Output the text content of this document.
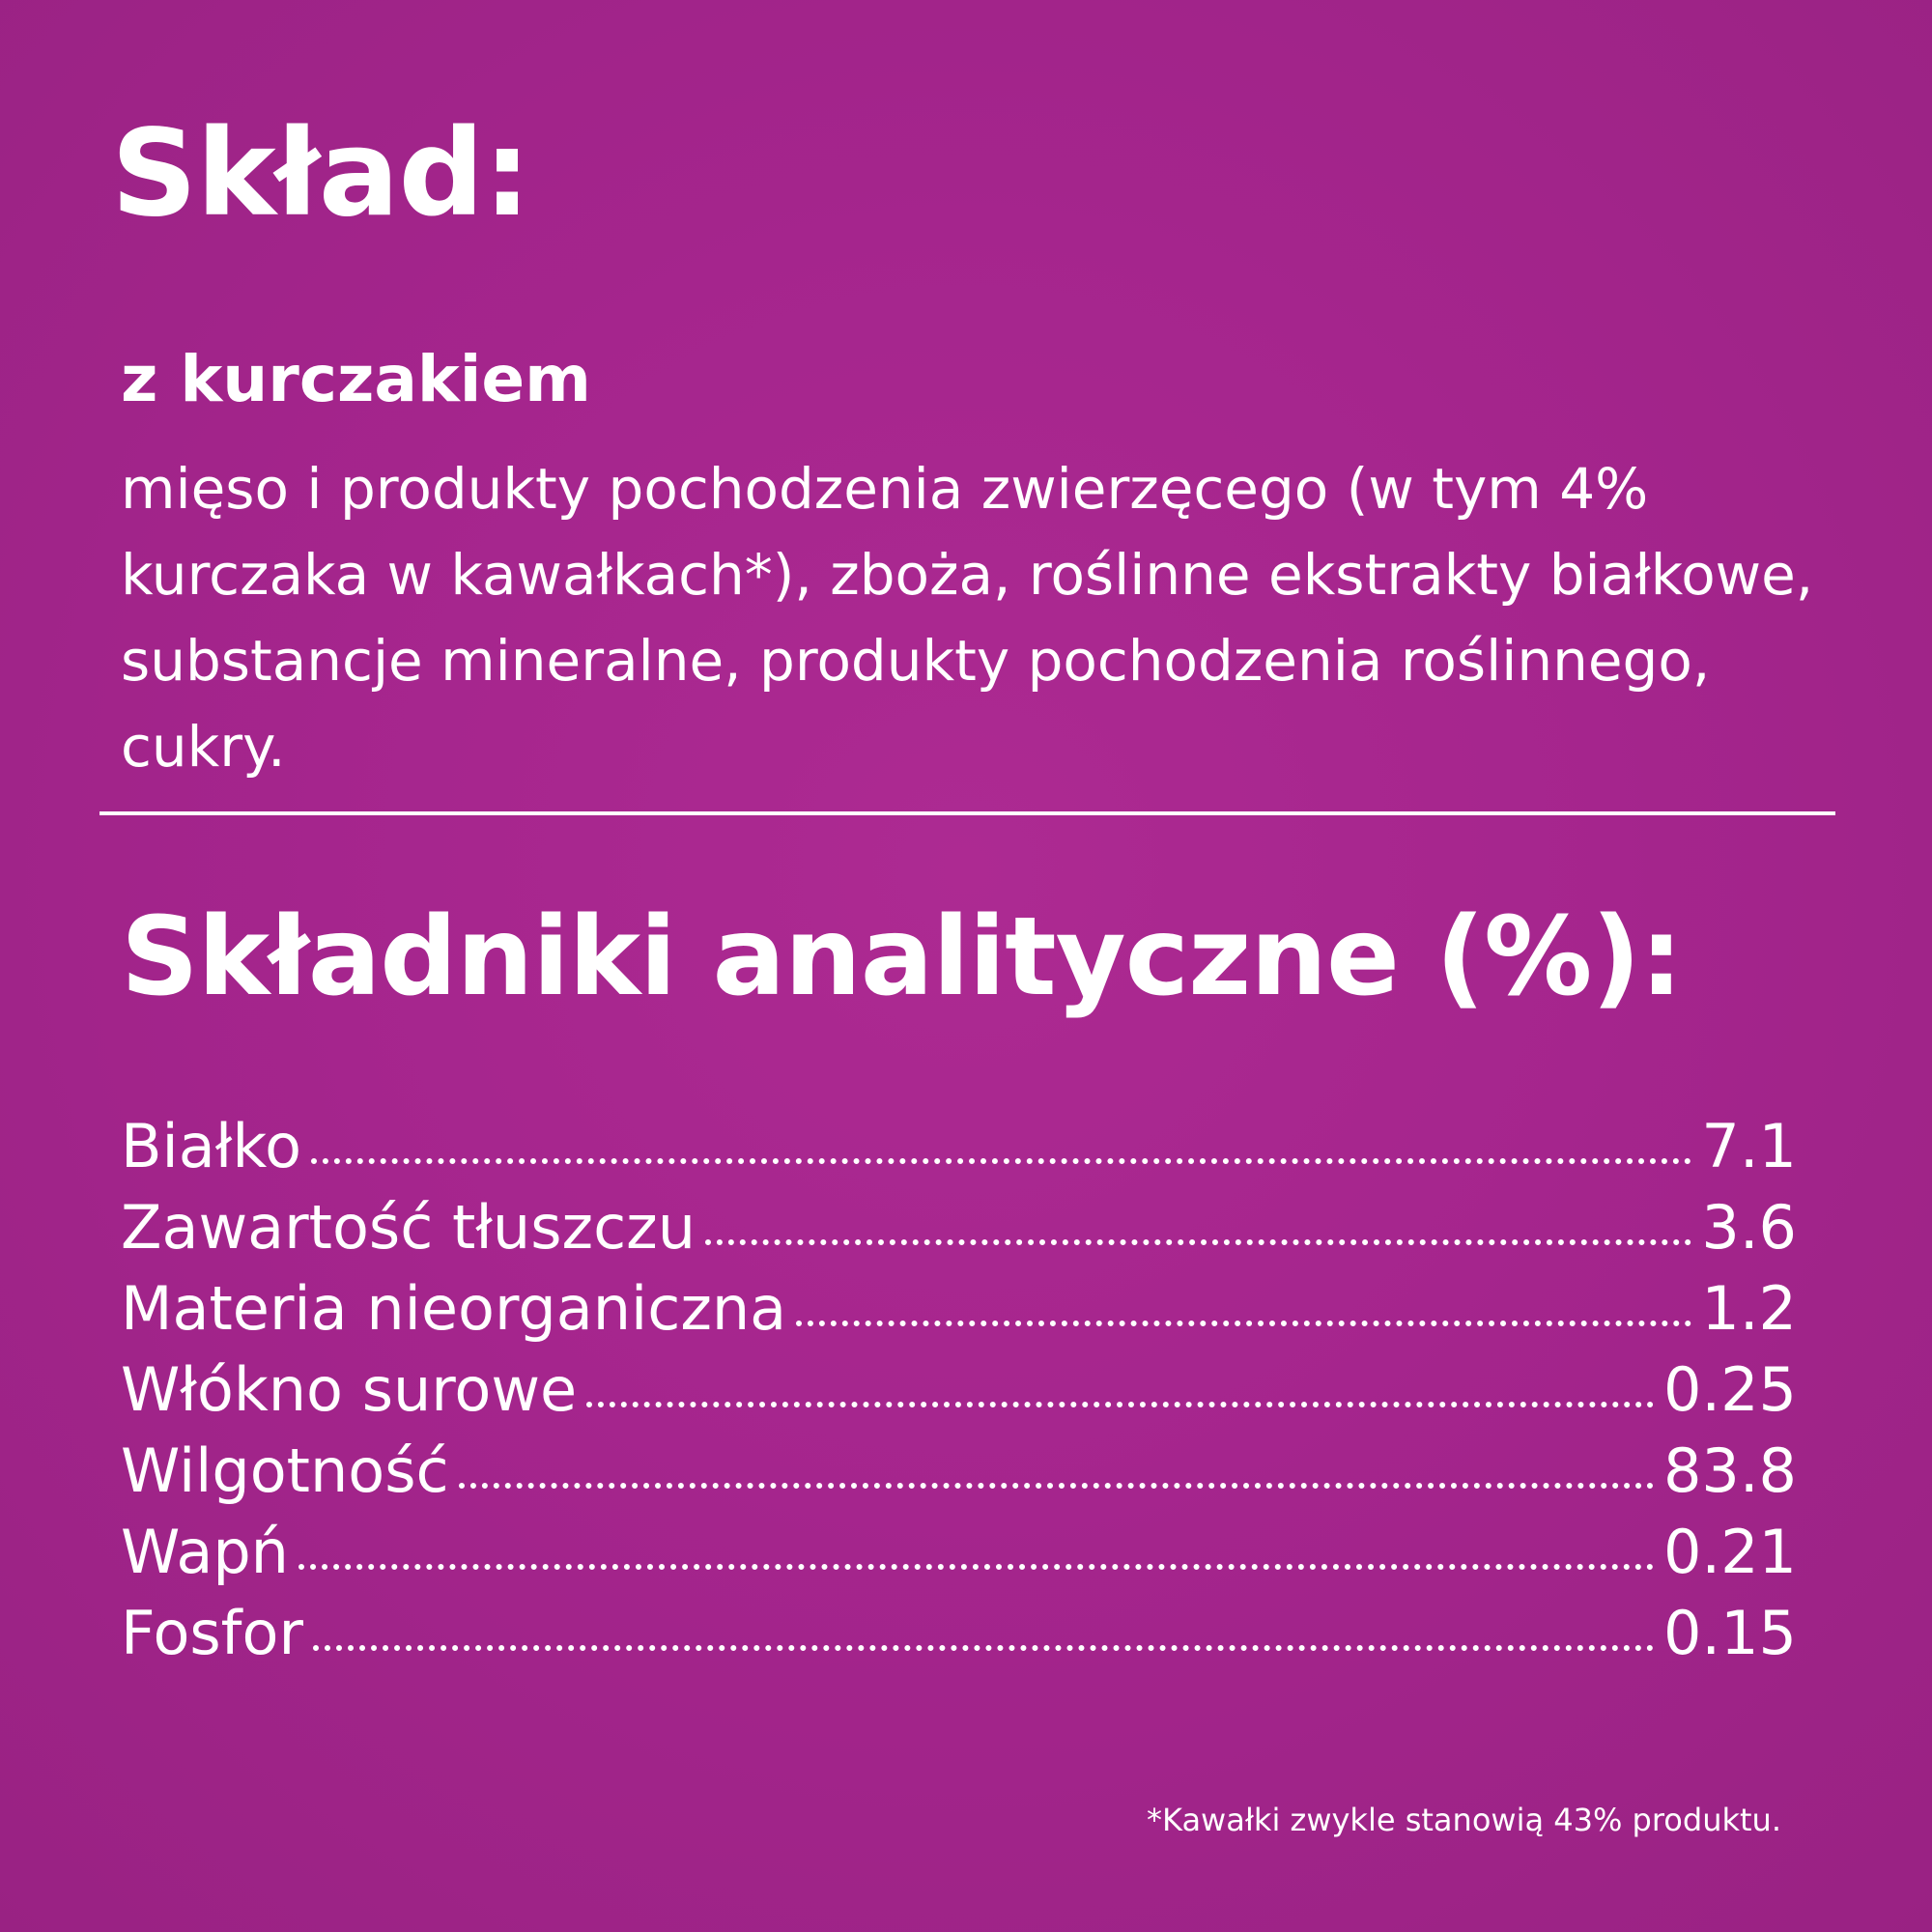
Skład:
z kurczakiem

mięso i produkty pochodzenia zwierzęcego (w tym 4% kurczaka w kawałkach*), zboża, roślinne ekstrakty białkowe, substancje mineralne, produkty pochodzenia roślinnego, cukry.

Składniki analityczne (%):
Białko	7.1
Zawartość tłuszczu	3.6
Materia nieorganiczna	1.2
Włókno surowe	0.25
Wilgotność	83.8
Wapń	0.21
Fosfor	0.15

*Kawałki zwykle stanowią 43% produktu.
